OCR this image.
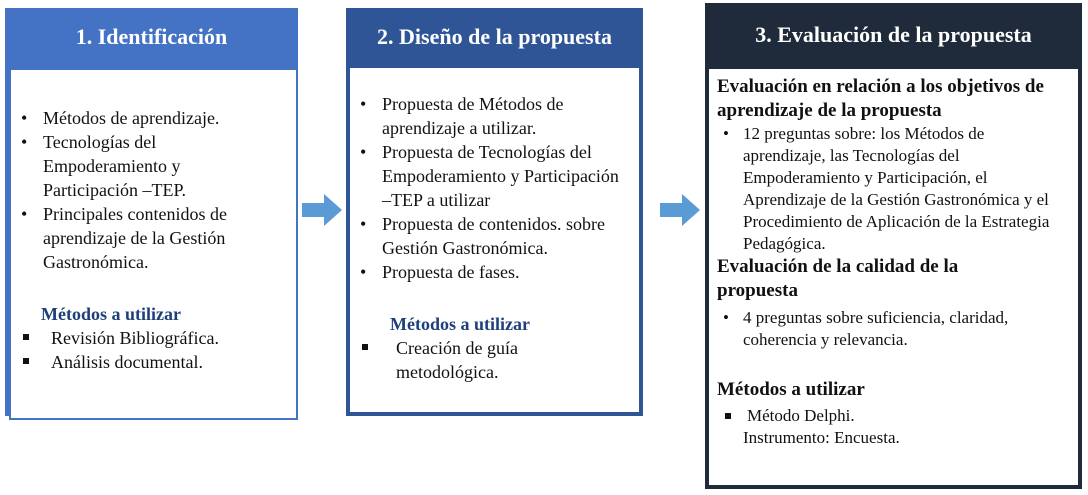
1. Identificación
• Métodos de aprendizaje.
• Tecnologías del Empoderamiento y Participación –TEP.
• Principales contenidos de aprendizaje de la Gestión Gastronómica.
Métodos a utilizar
Revisión Bibliográfica.
Análisis documental.
2. Diseño de la propuesta
• Propuesta de Métodos de aprendizaje a utilizar.
• Propuesta de Tecnologías del Empoderamiento y Participación –TEP a utilizar
• Propuesta de contenidos. sobre Gestión Gastronómica.
• Propuesta de fases.
Métodos a utilizar
Creación de guía metodológica.
3. Evaluación de la propuesta
Evaluación en relación a los objetivos de aprendizaje de la propuesta
• 12 preguntas sobre: los Métodos de aprendizaje, las Tecnologías del Empoderamiento y Participación, el Aprendizaje de la Gestión Gastronómica y el Procedimiento de Aplicación de la Estrategia Pedagógica.
Evaluación de la calidad de la propuesta
• 4 preguntas sobre suficiencia, claridad, coherencia y relevancia.
Métodos a utilizar
Método Delphi.
Instrumento: Encuesta.
